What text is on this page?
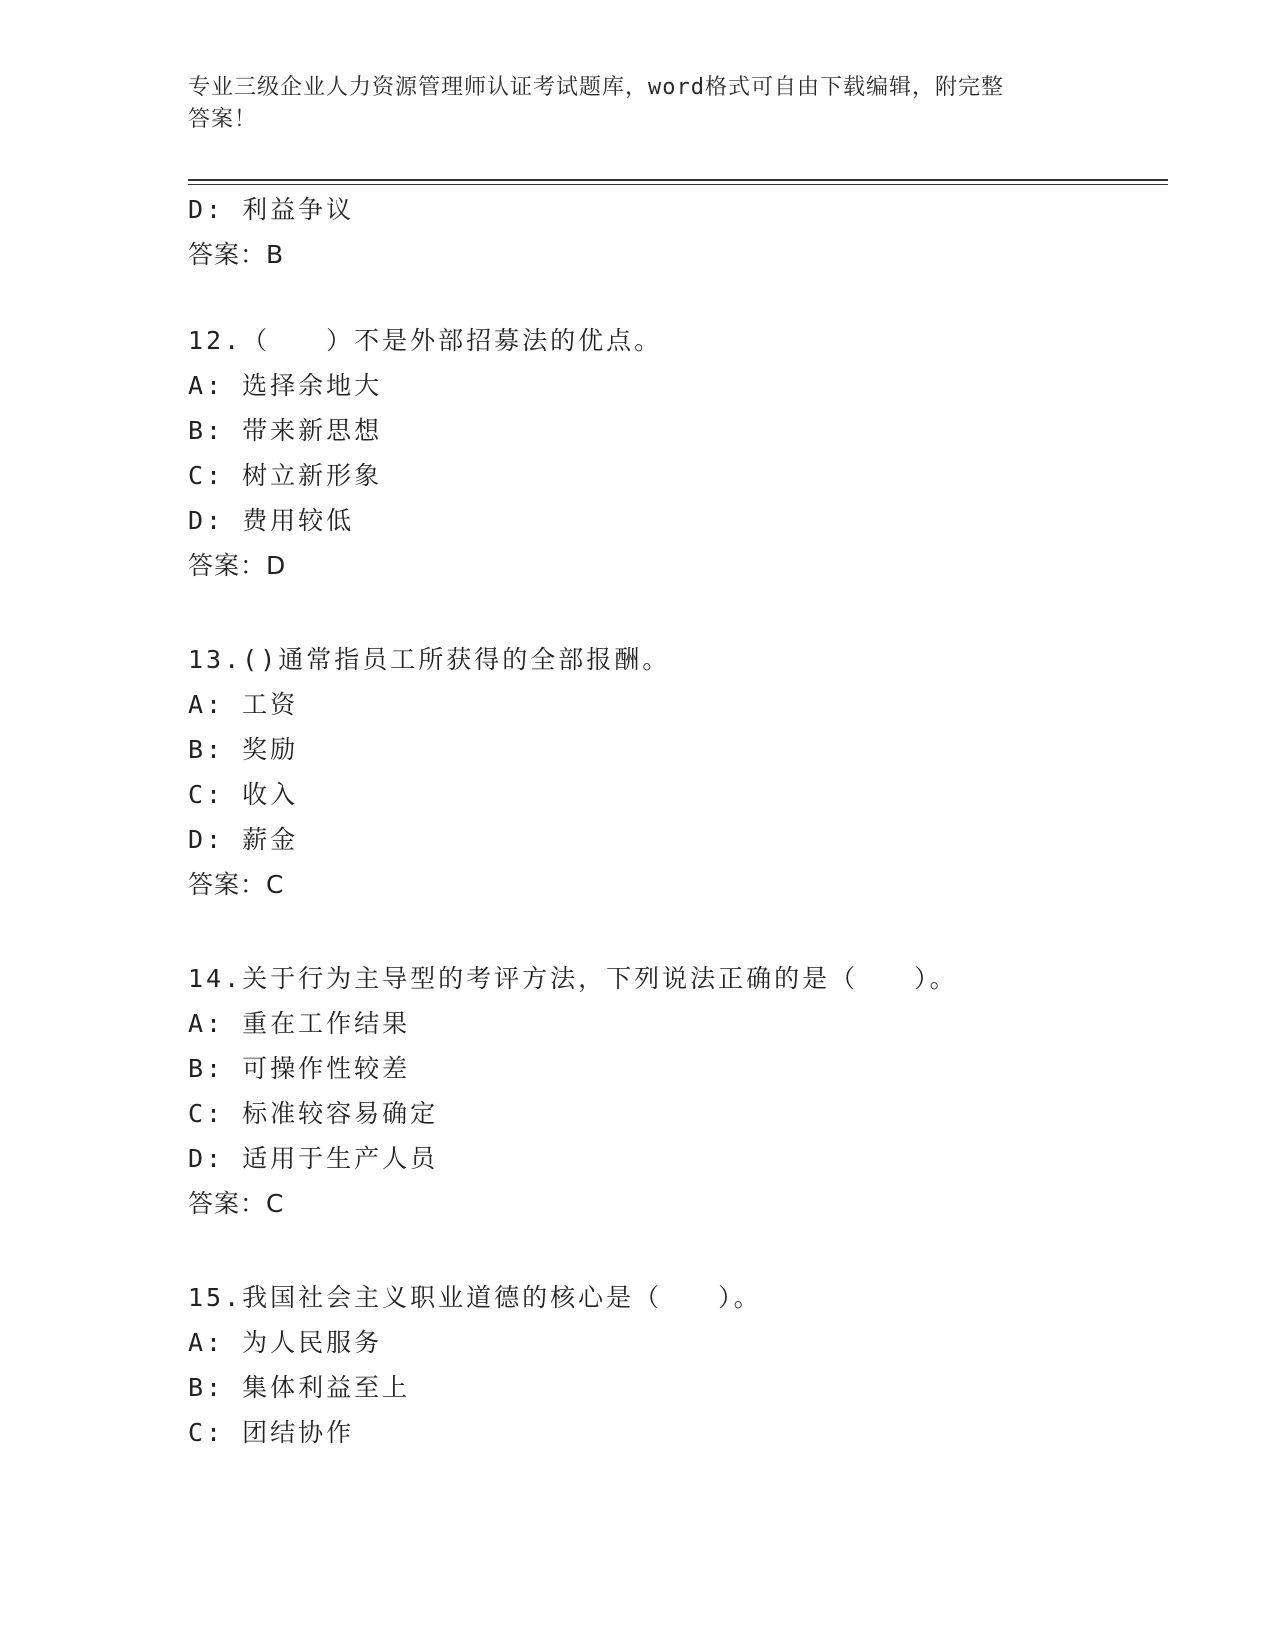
专业三级企业人力资源管理师认证考试题库，word格式可自由下载编辑，附完整
答案！
D: 利益争议
答案：B
12.（　　）不是外部招募法的优点。
A: 选择余地大
B: 带来新思想
C: 树立新形象
D: 费用较低
答案：D
13.()通常指员工所获得的全部报酬。
A: 工资
B: 奖励
C: 收入
D: 薪金
答案：C
14.关于行为主导型的考评方法，下列说法正确的是（　　）。
A: 重在工作结果
B: 可操作性较差
C: 标准较容易确定
D: 适用于生产人员
答案：C
15.我国社会主义职业道德的核心是（　　）。
A: 为人民服务
B: 集体利益至上
C: 团结协作
